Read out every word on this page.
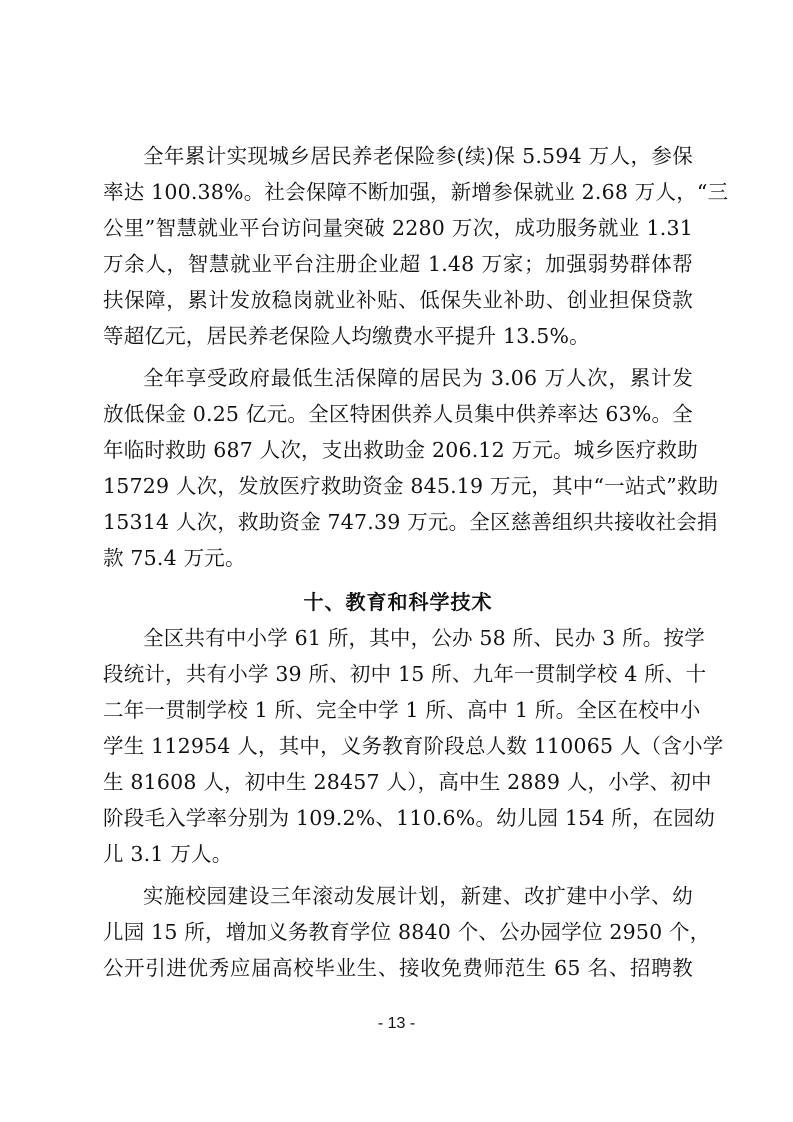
全年累计实现城乡居民养老保险参(续)保 5.594 万人，参保
率达 100.38%。社会保障不断加强，新增参保就业 2.68 万人，“三
公里”智慧就业平台访问量突破 2280 万次，成功服务就业 1.31
万余人，智慧就业平台注册企业超 1.48 万家；加强弱势群体帮
扶保障，累计发放稳岗就业补贴、低保失业补助、创业担保贷款
等超亿元，居民养老保险人均缴费水平提升 13.5%。
全年享受政府最低生活保障的居民为 3.06 万人次，累计发
放低保金 0.25 亿元。全区特困供养人员集中供养率达 63%。全
年临时救助 687 人次，支出救助金 206.12 万元。城乡医疗救助
15729 人次，发放医疗救助资金 845.19 万元，其中“一站式”救助
15314 人次，救助资金 747.39 万元。全区慈善组织共接收社会捐
款 75.4 万元。
十、教育和科学技术
全区共有中小学 61 所，其中，公办 58 所、民办 3 所。按学
段统计，共有小学 39 所、初中 15 所、九年一贯制学校 4 所、十
二年一贯制学校 1 所、完全中学 1 所、高中 1 所。全区在校中小
学生 112954 人，其中，义务教育阶段总人数 110065 人（含小学
生 81608 人，初中生 28457 人），高中生 2889 人，小学、初中
阶段毛入学率分别为 109.2%、110.6%。幼儿园 154 所，在园幼
儿 3.1 万人。
实施校园建设三年滚动发展计划，新建、改扩建中小学、幼
儿园 15 所，增加义务教育学位 8840 个、公办园学位 2950 个，
公开引进优秀应届高校毕业生、接收免费师范生 65 名、招聘教
- 13 -
